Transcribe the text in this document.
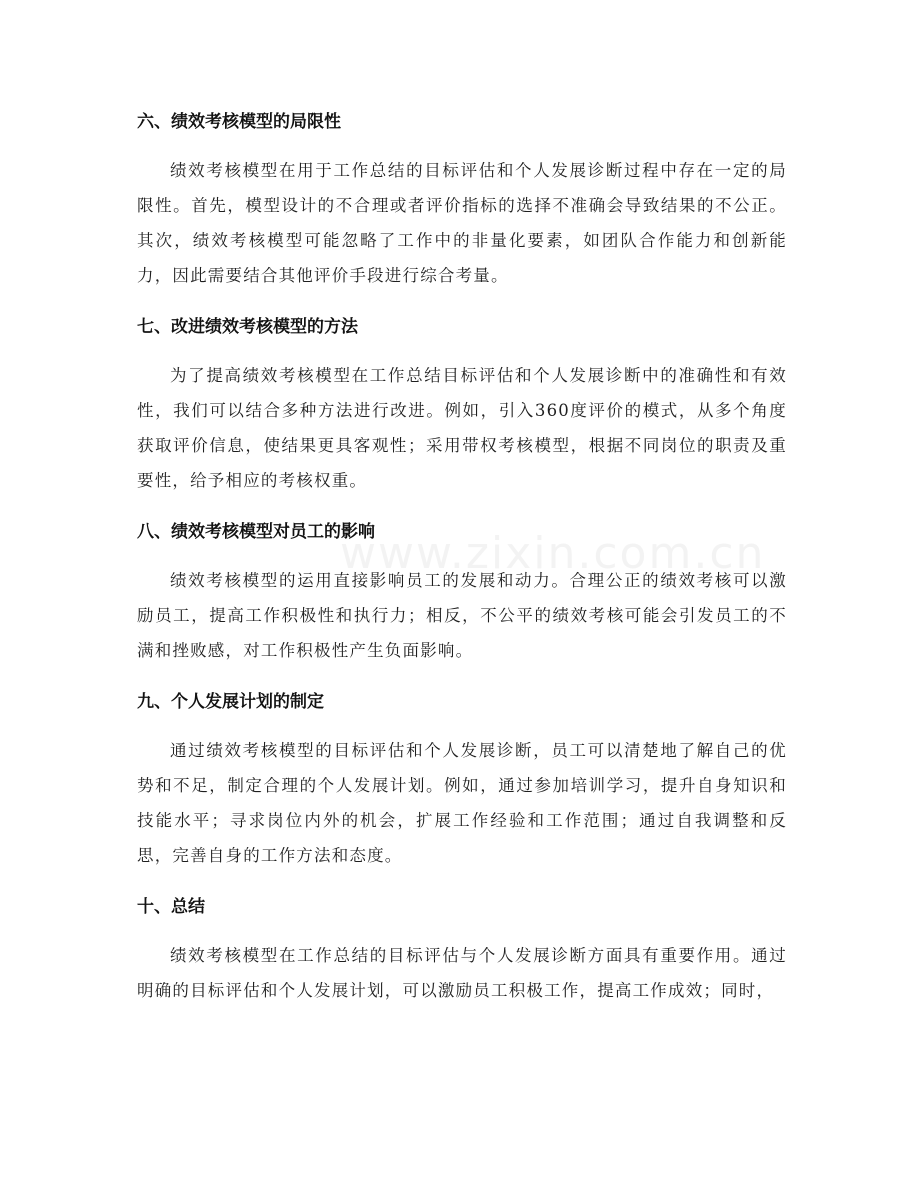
www.zixin.com.cn
六、绩效考核模型的局限性

绩效考核模型在用于工作总结的目标评估和个人发展诊断过程中存在一定的局限性。首先，模型设计的不合理或者评价指标的选择不准确会导致结果的不公正。其次，绩效考核模型可能忽略了工作中的非量化要素，如团队合作能力和创新能力，因此需要结合其他评价手段进行综合考量。

七、改进绩效考核模型的方法

为了提高绩效考核模型在工作总结目标评估和个人发展诊断中的准确性和有效性，我们可以结合多种方法进行改进。例如，引入360度评价的模式，从多个角度获取评价信息，使结果更具客观性；采用带权考核模型，根据不同岗位的职责及重要性，给予相应的考核权重。

八、绩效考核模型对员工的影响

绩效考核模型的运用直接影响员工的发展和动力。合理公正的绩效考核可以激励员工，提高工作积极性和执行力；相反，不公平的绩效考核可能会引发员工的不满和挫败感，对工作积极性产生负面影响。

九、个人发展计划的制定

通过绩效考核模型的目标评估和个人发展诊断，员工可以清楚地了解自己的优势和不足，制定合理的个人发展计划。例如，通过参加培训学习，提升自身知识和技能水平；寻求岗位内外的机会，扩展工作经验和工作范围；通过自我调整和反思，完善自身的工作方法和态度。

十、总结

绩效考核模型在工作总结的目标评估与个人发展诊断方面具有重要作用。通过明确的目标评估和个人发展计划，可以激励员工积极工作，提高工作成效；同时，
